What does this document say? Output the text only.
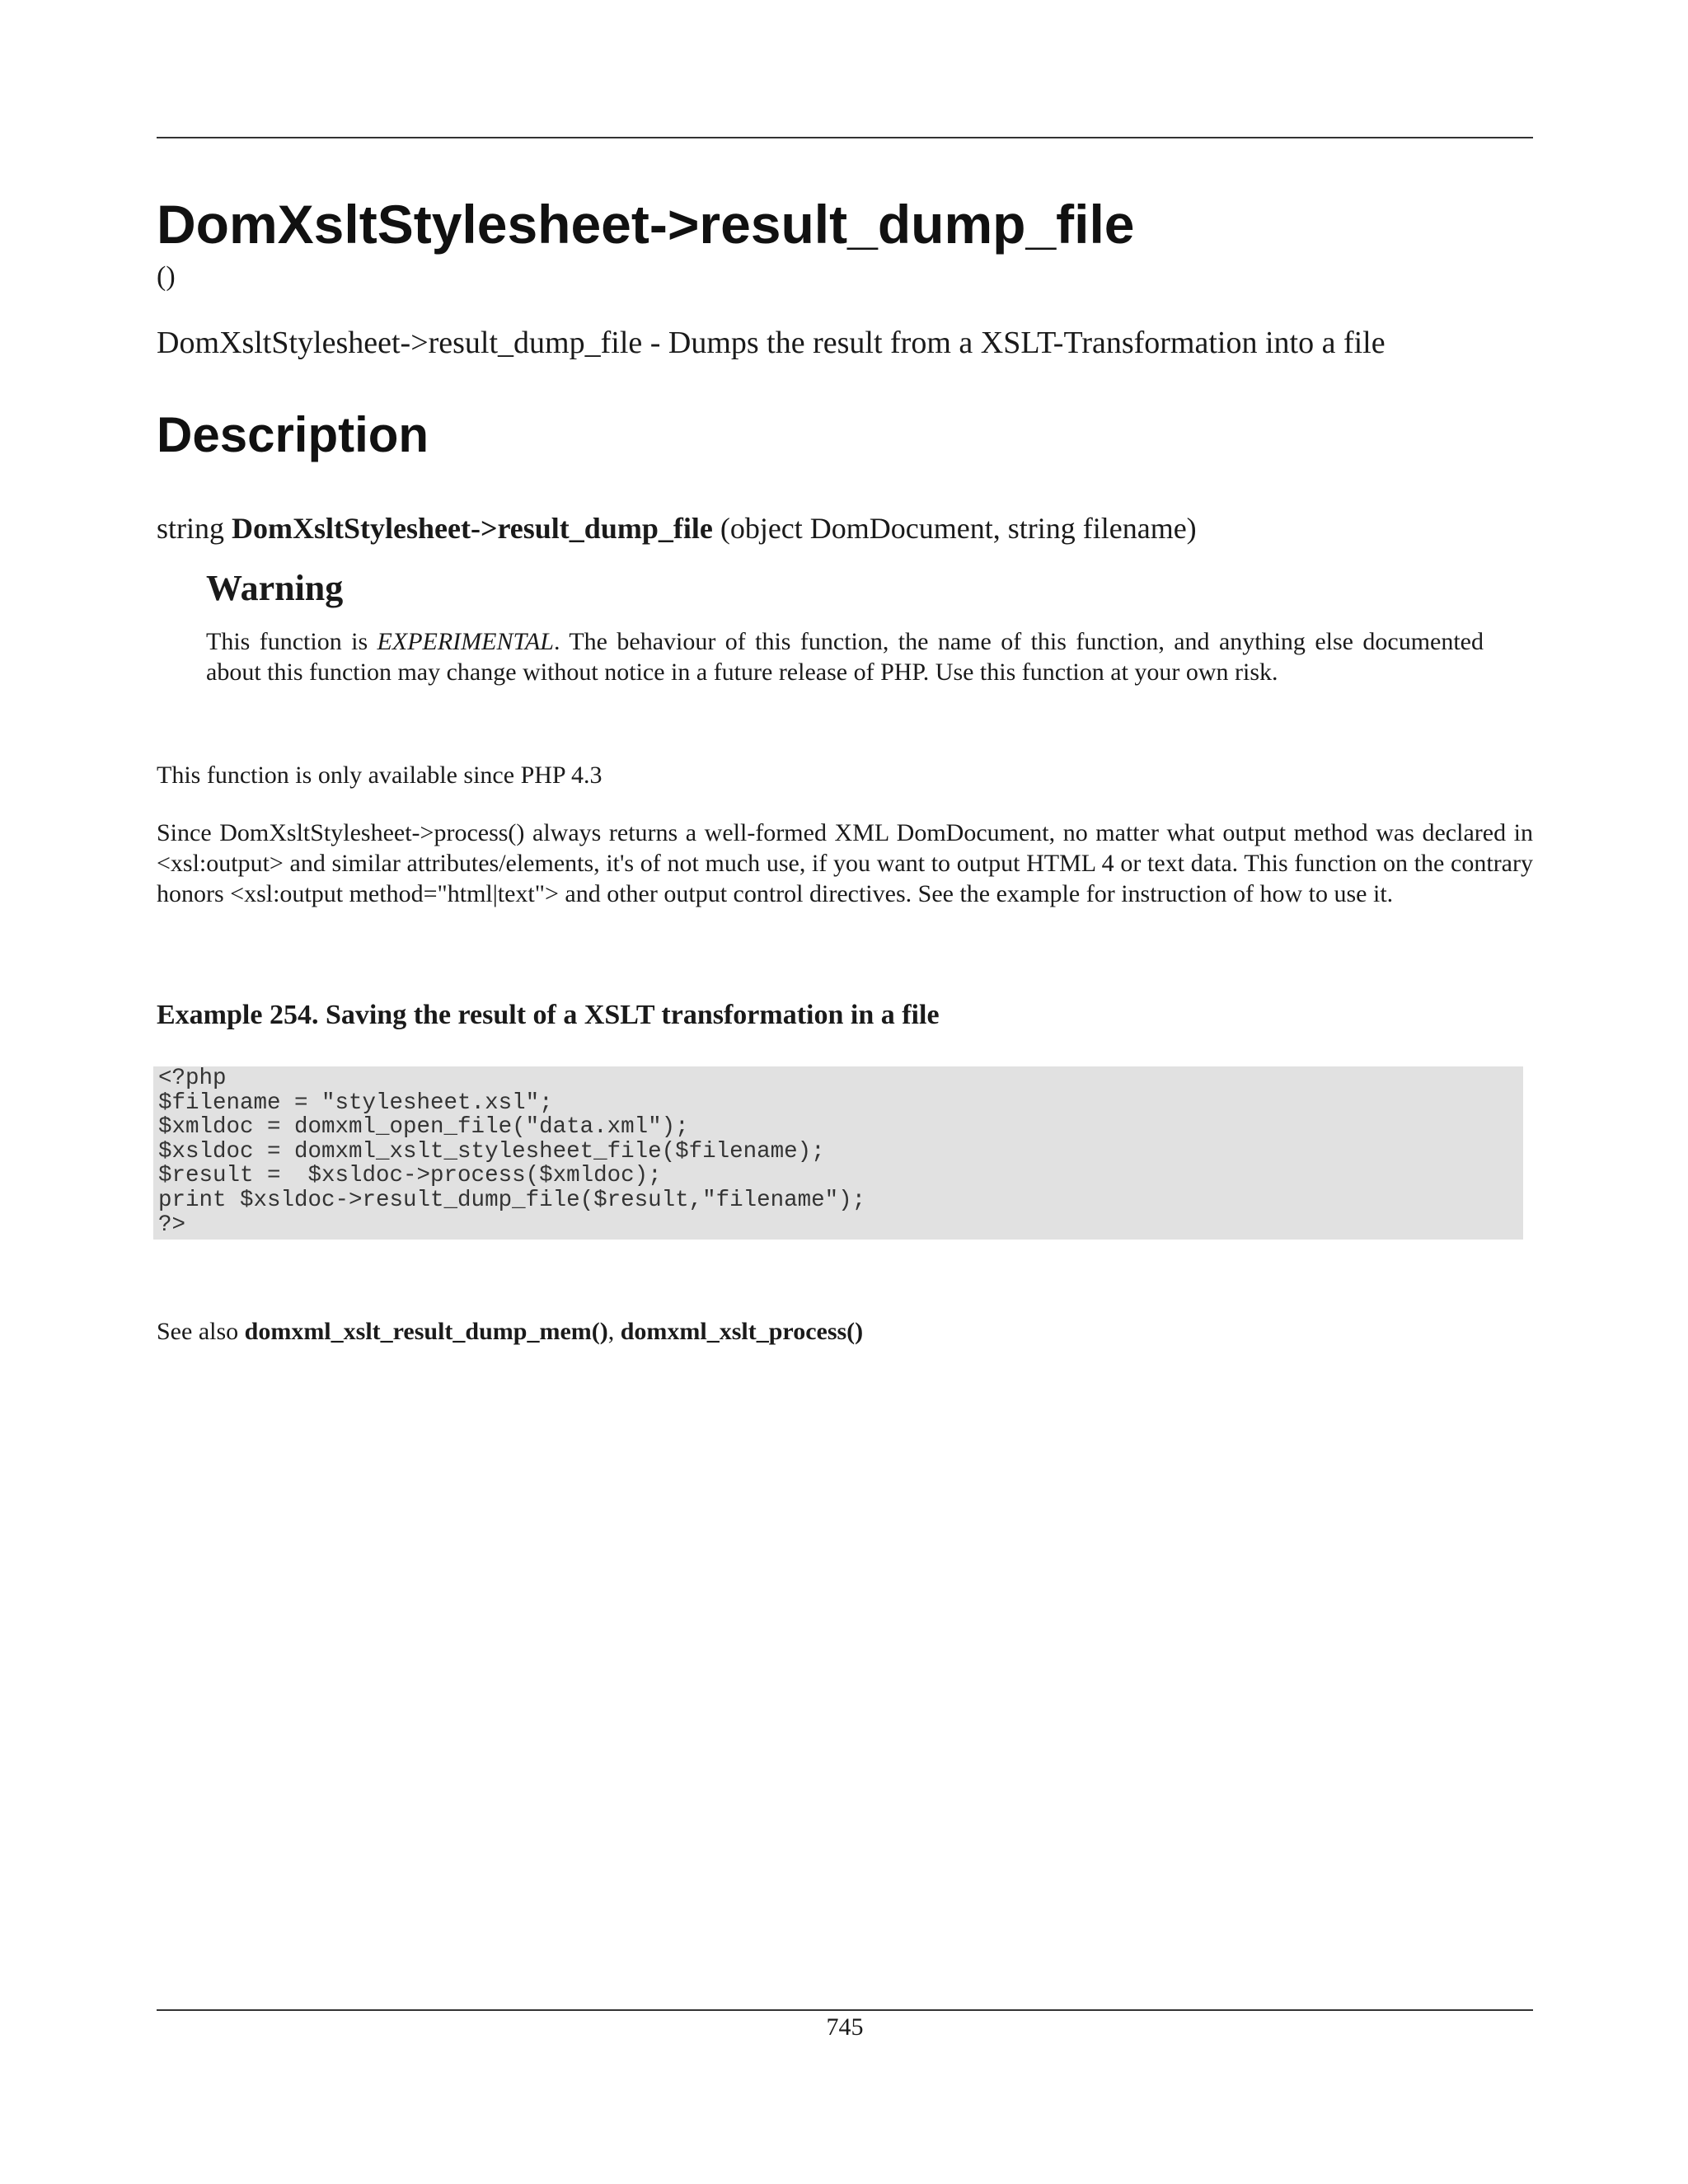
DomXsltStylesheet->result_dump_file
()
DomXsltStylesheet->result_dump_file - Dumps the result from a XSLT-Transformation into a file
Description
string DomXsltStylesheet->result_dump_file (object DomDocument, string filename)
Warning

This function is EXPERIMENTAL. The behaviour of this function, the name of this function, and anything else documented about this function may change without notice in a future release of PHP. Use this function at your own risk.

This function is only available since PHP 4.3

Since DomXsltStylesheet->process() always returns a well-formed XML DomDocument, no matter what output method was declared in <xsl:output> and similar attributes/elements, it's of not much use, if you want to output HTML 4 or text data. This function on the contrary honors <xsl:output method="html|text"> and other output control directives. See the example for instruction of how to use it.

Example 254. Saving the result of a XSLT transformation in a file
<?php
$filename = "stylesheet.xsl";
$xmldoc = domxml_open_file("data.xml");
$xsldoc = domxml_xslt_stylesheet_file($filename);
$result =  $xsldoc->process($xmldoc);
print $xsldoc->result_dump_file($result,"filename");
?>
See also domxml_xslt_result_dump_mem(), domxml_xslt_process()
745
